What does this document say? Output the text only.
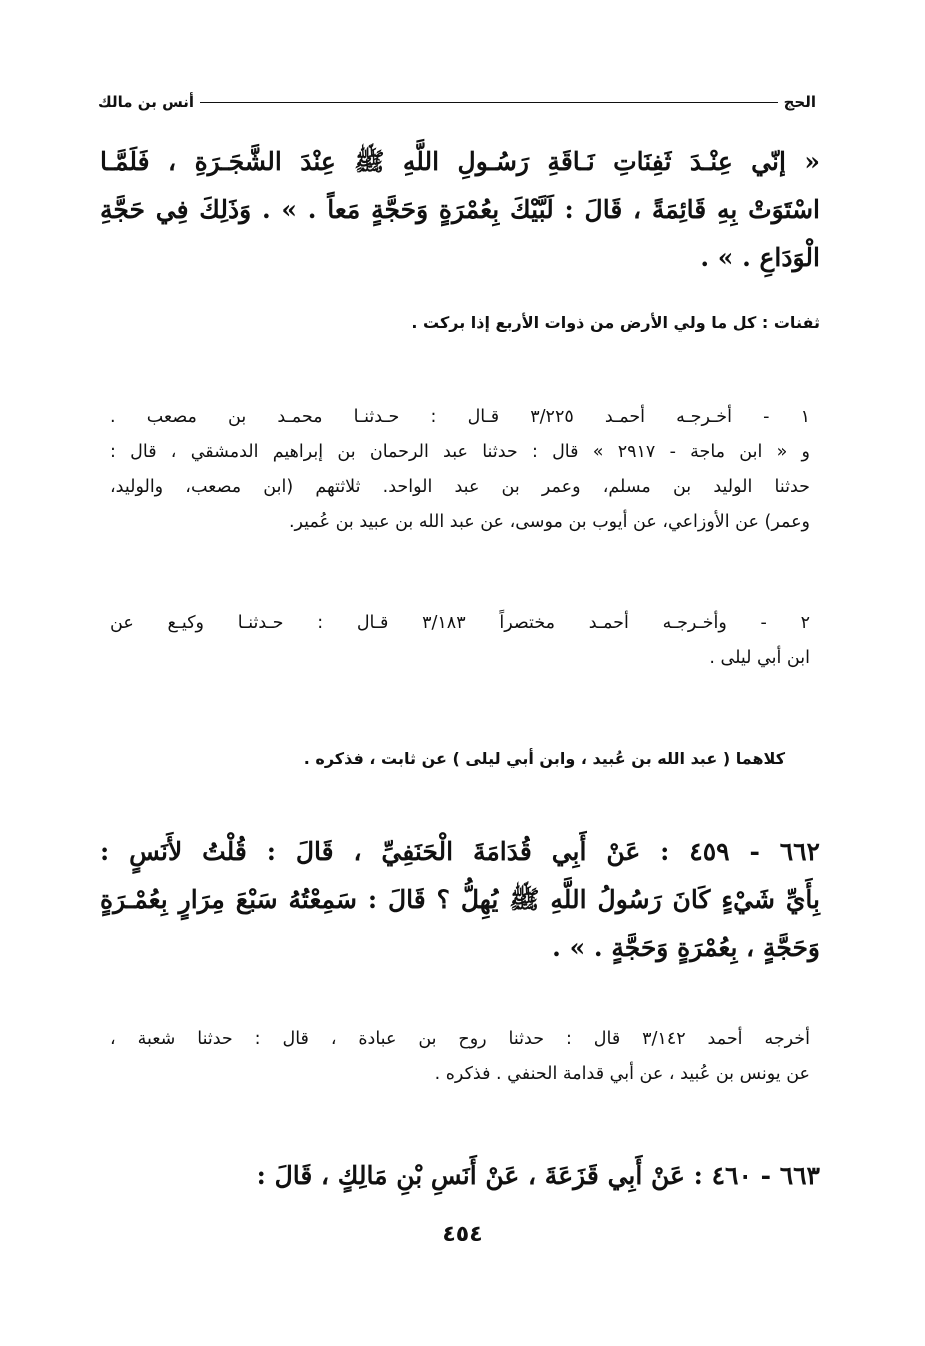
الحج
أنس بن مالك
« إنّي عِنْـدَ ثَفِنَاتِ نَـاقَةِ رَسُـولِ اللَّهِ ﷺ عِنْدَ الشَّجَـرَةِ ، فَلَمَّـا
اسْتَوَتْ بِهِ قَائِمَةً ، قَالَ : لَبَّيْكَ بِعُمْرَةٍ وَحَجَّةٍ مَعاً . » . وَذَلِكَ فِي حَجَّةِ
الْوَدَاعِ . » .
ثفنات : كل ما ولي الأرض من ذوات الأربع إذا بركت .
١ - أخـرجـه أحمـد ٣/٢٢٥ قـال : حـدثنـا محمـد بن مصعب .
و « ابن ماجة - ٢٩١٧ » قال : حدثنا عبد الرحمان بن إبراهيم الدمشقي ، قال :
حدثنا الوليد بن مسلم، وعمر بن عبد الواحد. ثلاثتهم (ابن مصعب، والوليد،
وعمر) عن الأوزاعي، عن أيوب بن موسى، عن عبد الله بن عبيد بن عُمير.
٢ - وأخـرجـه أحمـد مختصراً ٣/١٨٣ قـال : حـدثنـا وكيـع عن
ابن أبي ليلى .
كلاهما ( عبد الله بن عُبيد ، وابن أبي ليلى ) عن ثابت ، فذكره .
٦٦٢ - ٤٥٩ : عَنْ أَبِي قُدَامَةَ الْحَنَفِيِّ ، قَالَ : قُلْتُ لأَنَسٍ :
بِأَيِّ شَيْءٍ كَانَ رَسُولُ اللَّهِ ﷺ يُهِلُّ ؟ قَالَ : سَمِعْتُهُ سَبْعَ مِرَارٍ بِعُمْـرَةٍ
وَحَجَّةٍ ، بِعُمْرَةٍ وَحَجَّةٍ . » .
أخرجه أحمد ٣/١٤٢ قال : حدثنا روح بن عبادة ، قال : حدثنا شعبة ،
عن يونس بن عُبيد ، عن أبي قدامة الحنفي . فذكره .
٦٦٣ - ٤٦٠ : عَنْ أَبِي قَزَعَةَ ، عَنْ أَنَسِ بْنِ مَالِكٍ ، قَالَ :
٤٥٤
